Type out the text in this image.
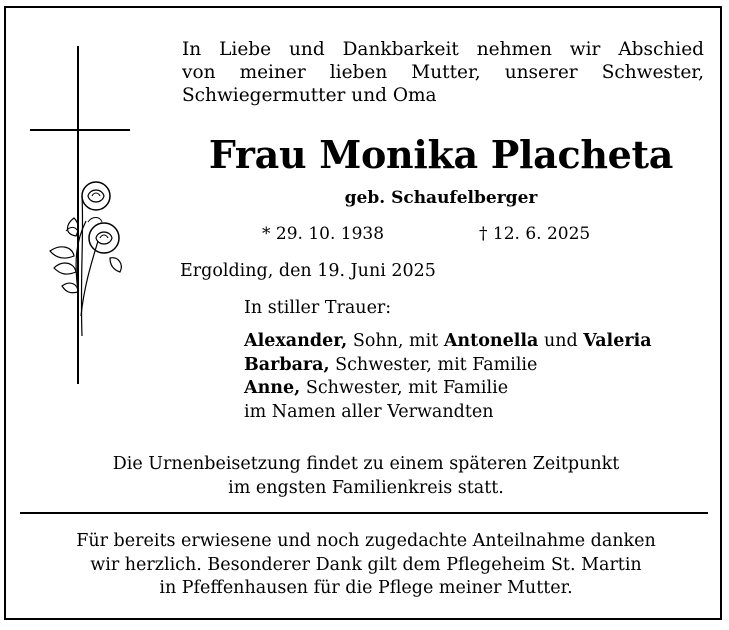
In Liebe und Dankbarkeit nehmen wir Abschied
von meiner lieben Mutter, unserer Schwester,
Schwiegermutter und Oma
Frau Monika Placheta
geb. Schaufelberger
* 29. 10. 1938	† 12. 6. 2025
Ergolding, den 19. Juni 2025
In stiller Trauer:
Alexander, Sohn, mit Antonella und Valeria
Barbara, Schwester, mit Familie
Anne, Schwester, mit Familie
im Namen aller Verwandten
Die Urnenbeisetzung findet zu einem späteren Zeitpunkt
im engsten Familienkreis statt.
Für bereits erwiesene und noch zugedachte Anteilnahme danken
wir herzlich. Besonderer Dank gilt dem Pflegeheim St. Martin
in Pfeffenhausen für die Pflege meiner Mutter.
